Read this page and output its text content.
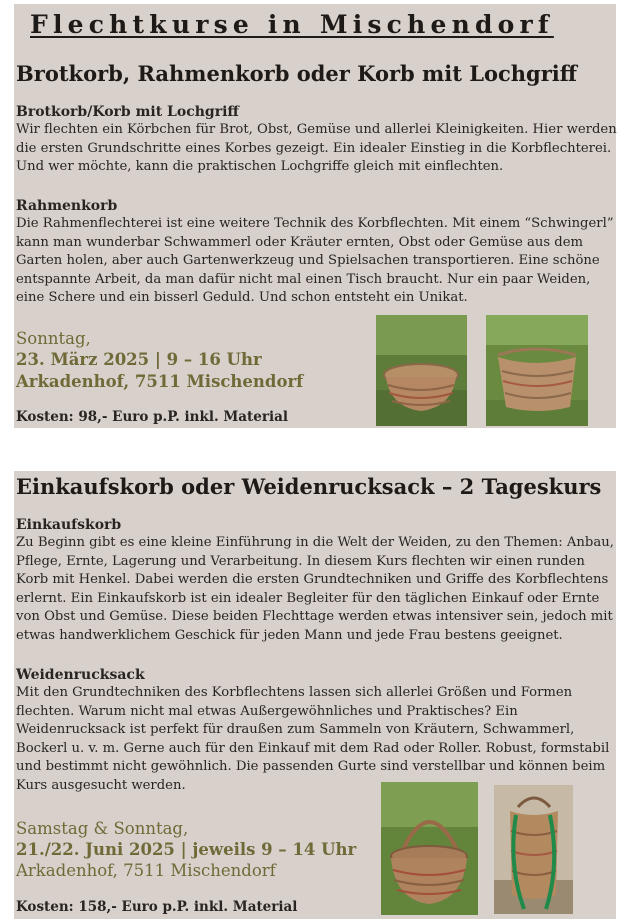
Flechtkurse in Mischendorf
Brotkorb, Rahmenkorb oder Korb mit Lochgriff
Brotkorb/Korb mit Lochgriff
Wir flechten ein Körbchen für Brot, Obst, Gemüse und allerlei Kleinigkeiten. Hier werden
die ersten Grundschritte eines Korbes gezeigt. Ein idealer Einstieg in die Korbflechterei.
Und wer möchte, kann die praktischen Lochgriffe gleich mit einflechten.
Rahmenkorb
Die Rahmenflechterei ist eine weitere Technik des Korbflechten. Mit einem “Schwingerl”
kann man wunderbar Schwammerl oder Kräuter ernten, Obst oder Gemüse aus dem
Garten holen, aber auch Gartenwerkzeug und Spielsachen transportieren. Eine schöne
entspannte Arbeit, da man dafür nicht mal einen Tisch braucht. Nur ein paar Weiden,
eine Schere und ein bisserl Geduld. Und schon entsteht ein Unikat.
Sonntag,
23. März 2025 | 9 – 16 Uhr
Arkadenhof, 7511 Mischendorf
Kosten: 98,- Euro p.P. inkl. Material
Einkaufskorb oder Weidenrucksack – 2 Tageskurs
Einkaufskorb
Zu Beginn gibt es eine kleine Einführung in die Welt der Weiden, zu den Themen: Anbau,
Pflege, Ernte, Lagerung und Verarbeitung. In diesem Kurs flechten wir einen runden
Korb mit Henkel. Dabei werden die ersten Grundtechniken und Griffe des Korbflechtens
erlernt. Ein Einkaufskorb ist ein idealer Begleiter für den täglichen Einkauf oder Ernte
von Obst und Gemüse. Diese beiden Flechttage werden etwas intensiver sein, jedoch mit
etwas handwerklichem Geschick für jeden Mann und jede Frau bestens geeignet.
Weidenrucksack
Mit den Grundtechniken des Korbflechtens lassen sich allerlei Größen und Formen
flechten. Warum nicht mal etwas Außergewöhnliches und Praktisches? Ein
Weidenrucksack ist perfekt für draußen zum Sammeln von Kräutern, Schwammerl,
Bockerl u. v. m. Gerne auch für den Einkauf mit dem Rad oder Roller. Robust, formstabil
und bestimmt nicht gewöhnlich. Die passenden Gurte sind verstellbar und können beim
Kurs ausgesucht werden.
Samstag & Sonntag,
21./22. Juni 2025 | jeweils 9 – 14 Uhr
Arkadenhof, 7511 Mischendorf
Kosten: 158,- Euro p.P. inkl. Material
